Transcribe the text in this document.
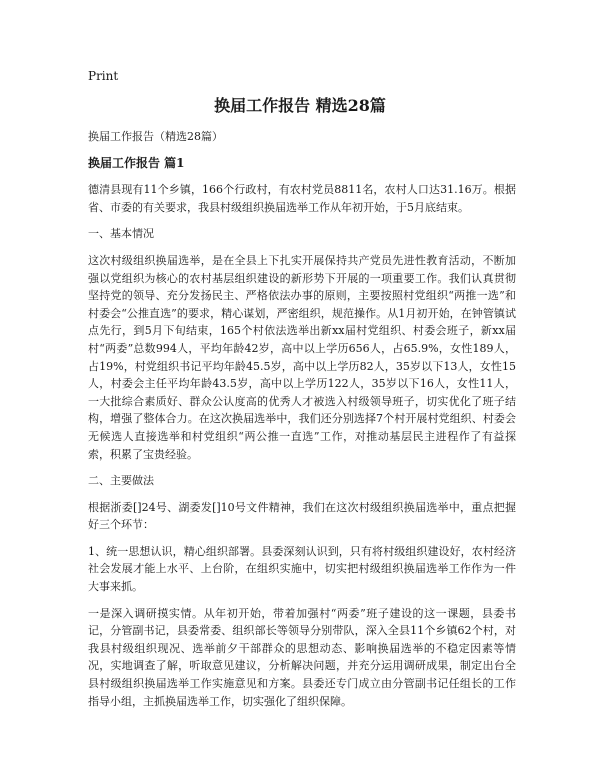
Print
换届工作报告 精选28篇

换届工作报告（精选28篇）

换届工作报告 篇1

德清县现有11个乡镇，166个行政村，有农村党员8811名，农村人口达31.16万。根据省、市委的有关要求，我县村级组织换届选举工作从年初开始，于5月底结束。

一、基本情况

这次村级组织换届选举，是在全县上下扎实开展保持共产党员先进性教育活动，不断加强以党组织为核心的农村基层组织建设的新形势下开展的一项重要工作。我们认真贯彻坚持党的领导、充分发扬民主、严格依法办事的原则，主要按照村党组织“两推一选”和村委会“公推直选”的要求，精心谋划，严密组织，规范操作。从1月初开始，在钟管镇试点先行，到5月下旬结束，165个村依法选举出新xx届村党组织、村委会班子，新xx届村“两委”总数994人，平均年龄42岁，高中以上学历656人，占65.9%，女性189人，占19%，村党组织书记平均年龄45.5岁，高中以上学历82人，35岁以下13人，女性15人，村委会主任平均年龄43.5岁，高中以上学历122人，35岁以下16人，女性11人，一大批综合素质好、群众公认度高的优秀人才被选入村级领导班子，切实优化了班子结构，增强了整体合力。在这次换届选举中，我们还分别选择7个村开展村党组织、村委会无候选人直接选举和村党组织“两公推一直选”工作，对推动基层民主进程作了有益探索，积累了宝贵经验。

二、主要做法

根据浙委[]24号、湖委发[]10号文件精神，我们在这次村级组织换届选举中，重点把握好三个环节：

1、统一思想认识，精心组织部署。县委深刻认识到，只有将村级组织建设好，农村经济社会发展才能上水平、上台阶，在组织实施中，切实把村级组织换届选举工作作为一件大事来抓。

一是深入调研摸实情。从年初开始，带着加强村“两委”班子建设的这一课题，县委书记，分管副书记，县委常委、组织部长等领导分别带队，深入全县11个乡镇62个村，对我县村级组织现况、选举前夕干部群众的思想动态、影响换届选举的不稳定因素等情况，实地调查了解，听取意见建议，分析解决问题，并充分运用调研成果，制定出台全县村级组织换届选举工作实施意见和方案。县委还专门成立由分管副书记任组长的工作指导小组，主抓换届选举工作，切实强化了组织保障。
